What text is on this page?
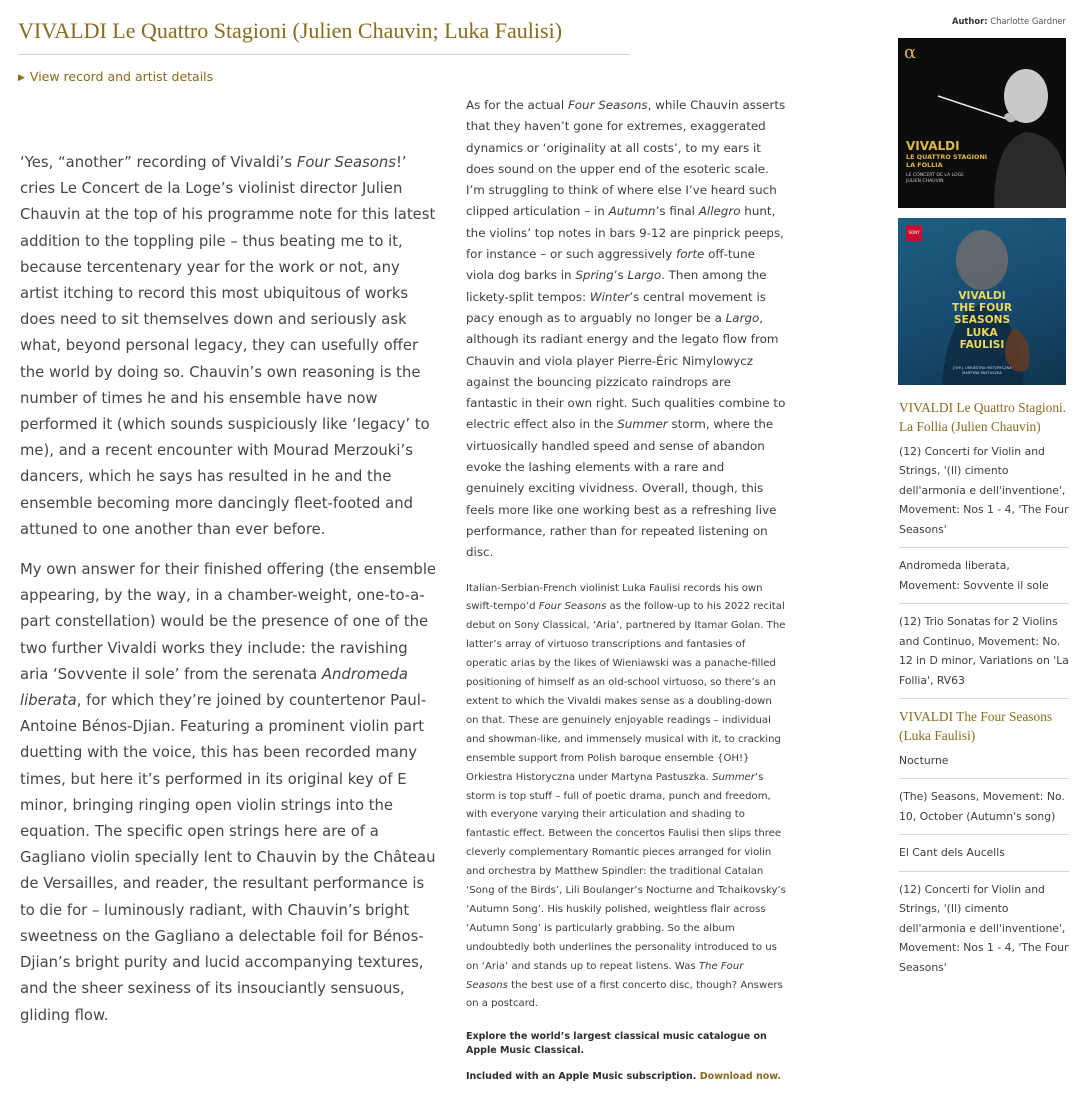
VIVALDI Le Quattro Stagioni (Julien Chauvin; Luka Faulisi)
▶ View record and artist details
Author: Charlotte Gardner

‘Yes, “another” recording of Vivaldi’s Four Seasons!’ cries Le Concert de la Loge’s violinist director Julien Chauvin at the top of his programme note for this latest addition to the toppling pile – thus beating me to it, because tercentenary year for the work or not, any artist itching to record this most ubiquitous of works does need to sit themselves down and seriously ask what, beyond personal legacy, they can usefully offer the world by doing so. Chauvin’s own reasoning is the number of times he and his ensemble have now performed it (which sounds suspiciously like ‘legacy’ to me), and a recent encounter with Mourad Merzouki’s dancers, which he says has resulted in he and the ensemble becoming more dancingly fleet-footed and attuned to one another than ever before.

My own answer for their finished offering (the ensemble appearing, by the way, in a chamber-weight, one-to-a-part constellation) would be the presence of one of the two further Vivaldi works they include: the ravishing aria ‘Sovvente il sole’ from the serenata Andromeda liberata, for which they’re joined by countertenor Paul-Antoine Bénos-Djian. Featuring a prominent violin part duetting with the voice, this has been recorded many times, but here it’s performed in its original key of E minor, bringing ringing open violin strings into the equation. The specific open strings here are of a Gagliano violin specially lent to Chauvin by the Château de Versailles, and reader, the resultant performance is to die for – luminously radiant, with Chauvin’s bright sweetness on the Gagliano a delectable foil for Bénos-Djian’s bright purity and lucid accompanying textures, and the sheer sexiness of its insouciantly sensuous, gliding flow.

As for the actual Four Seasons, while Chauvin asserts that they haven’t gone for extremes, exaggerated dynamics or ‘originality at all costs’, to my ears it does sound on the upper end of the esoteric scale. I’m struggling to think of where else I’ve heard such clipped articulation – in Autumn’s final Allegro hunt, the violins’ top notes in bars 9-12 are pinprick peeps, for instance – or such aggressively forte off-tune viola dog barks in Spring’s Largo. Then among the lickety-split tempos: Winter’s central movement is pacy enough as to arguably no longer be a Largo, although its radiant energy and the legato flow from Chauvin and viola player Pierre-Éric Nimylowycz against the bouncing pizzicato raindrops are fantastic in their own right. Such qualities combine to electric effect also in the Summer storm, where the virtuosically handled speed and sense of abandon evoke the lashing elements with a rare and genuinely exciting vividness. Overall, though, this feels more like one working best as a refreshing live performance, rather than for repeated listening on disc.

Italian-Serbian-French violinist Luka Faulisi records his own swift-tempo’d Four Seasons as the follow-up to his 2022 recital debut on Sony Classical, ‘Aria’, partnered by Itamar Golan. The latter’s array of virtuoso transcriptions and fantasies of operatic arias by the likes of Wieniawski was a panache-filled positioning of himself as an old-school virtuoso, so there’s an extent to which the Vivaldi makes sense as a doubling-down on that. These are genuinely enjoyable readings – individual and showman-like, and immensely musical with it, to cracking ensemble support from Polish baroque ensemble {OH!} Orkiestra Historyczna under Martyna Pastuszka. Summer’s storm is top stuff – full of poetic drama, punch and freedom, with everyone varying their articulation and shading to fantastic effect. Between the concertos Faulisi then slips three cleverly complementary Romantic pieces arranged for violin and orchestra by Matthew Spindler: the traditional Catalan ‘Song of the Birds’, Lili Boulanger’s Nocturne and Tchaikovsky’s ‘Autumn Song’. His huskily polished, weightless flair across ‘Autumn Song’ is particularly grabbing. So the album undoubtedly both underlines the personality introduced to us on ‘Aria’ and stands up to repeat listens. Was The Four Seasons the best use of a first concerto disc, though? Answers on a postcard.

Explore the world’s largest classical music catalogue on Apple Music Classical.
Included with an Apple Music subscription. Download now.
α
VIVALDI
LE QUATTRO STAGIONI
LA FOLLIA
LE CONCERT DE LA LOGE
JULIEN CHAUVIN
SONY
VIVALDI
THE FOUR
SEASONS
LUKA
FAULISI
{OH!} ORKIESTRA HISTORYCZNA
MARTYNA PASTUSZKA
VIVALDI Le Quattro Stagioni. La Follia (Julien Chauvin)
(12) Concerti for Violin and Strings, '(Il) cimento dell'armonia e dell'inventione', Movement: Nos 1 - 4, 'The Four Seasons'
Andromeda liberata, Movement: Sovvente il sole
(12) Trio Sonatas for 2 Violins and Continuo, Movement: No. 12 in D minor, Variations on 'La Follia', RV63
VIVALDI The Four Seasons (Luka Faulisi)
Nocturne
(The) Seasons, Movement: No. 10, October (Autumn's song)
El Cant dels Aucells
(12) Concerti for Violin and Strings, '(Il) cimento dell'armonia e dell'inventione', Movement: Nos 1 - 4, 'The Four Seasons'
